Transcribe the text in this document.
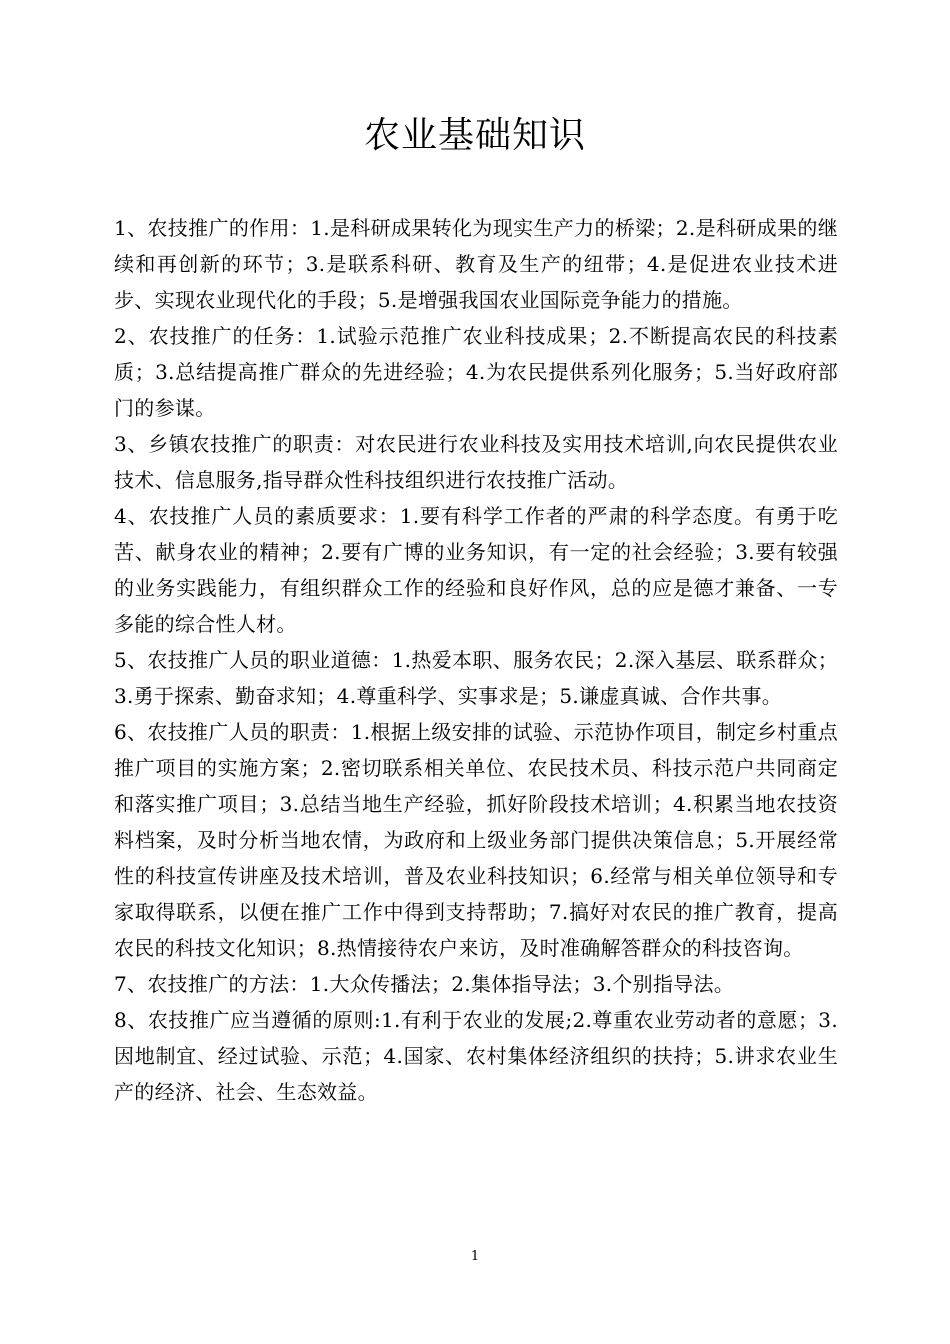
农业基础知识

1、农技推广的作用：1.是科研成果转化为现实生产力的桥梁；2.是科研成果的继续和再创新的环节；3.是联系科研、教育及生产的纽带；4.是促进农业技术进步、实现农业现代化的手段；5.是增强我国农业国际竞争能力的措施。

2、农技推广的任务：1.试验示范推广农业科技成果；2.不断提高农民的科技素质；3.总结提高推广群众的先进经验；4.为农民提供系列化服务；5.当好政府部门的参谋。

3、乡镇农技推广的职责：对农民进行农业科技及实用技术培训,向农民提供农业技术、信息服务,指导群众性科技组织进行农技推广活动。

4、农技推广人员的素质要求：1.要有科学工作者的严肃的科学态度。有勇于吃苦、献身农业的精神；2.要有广博的业务知识，有一定的社会经验；3.要有较强的业务实践能力，有组织群众工作的经验和良好作风，总的应是德才兼备、一专多能的综合性人材。

5、农技推广人员的职业道德：1.热爱本职、服务农民；2.深入基层、联系群众；3.勇于探索、勤奋求知；4.尊重科学、实事求是；5.谦虚真诚、合作共事。

6、农技推广人员的职责：1.根据上级安排的试验、示范协作项目，制定乡村重点推广项目的实施方案；2.密切联系相关单位、农民技术员、科技示范户共同商定和落实推广项目；3.总结当地生产经验，抓好阶段技术培训；4.积累当地农技资料档案，及时分析当地农情，为政府和上级业务部门提供决策信息；5.开展经常性的科技宣传讲座及技术培训，普及农业科技知识；6.经常与相关单位领导和专家取得联系，以便在推广工作中得到支持帮助；7.搞好对农民的推广教育，提高农民的科技文化知识；8.热情接待农户来访，及时准确解答群众的科技咨询。

7、农技推广的方法：1.大众传播法；2.集体指导法；3.个别指导法。

8、农技推广应当遵循的原则:1.有利于农业的发展;2.尊重农业劳动者的意愿；3.因地制宜、经过试验、示范；4.国家、农村集体经济组织的扶持；5.讲求农业生产的经济、社会、生态效益。

1
